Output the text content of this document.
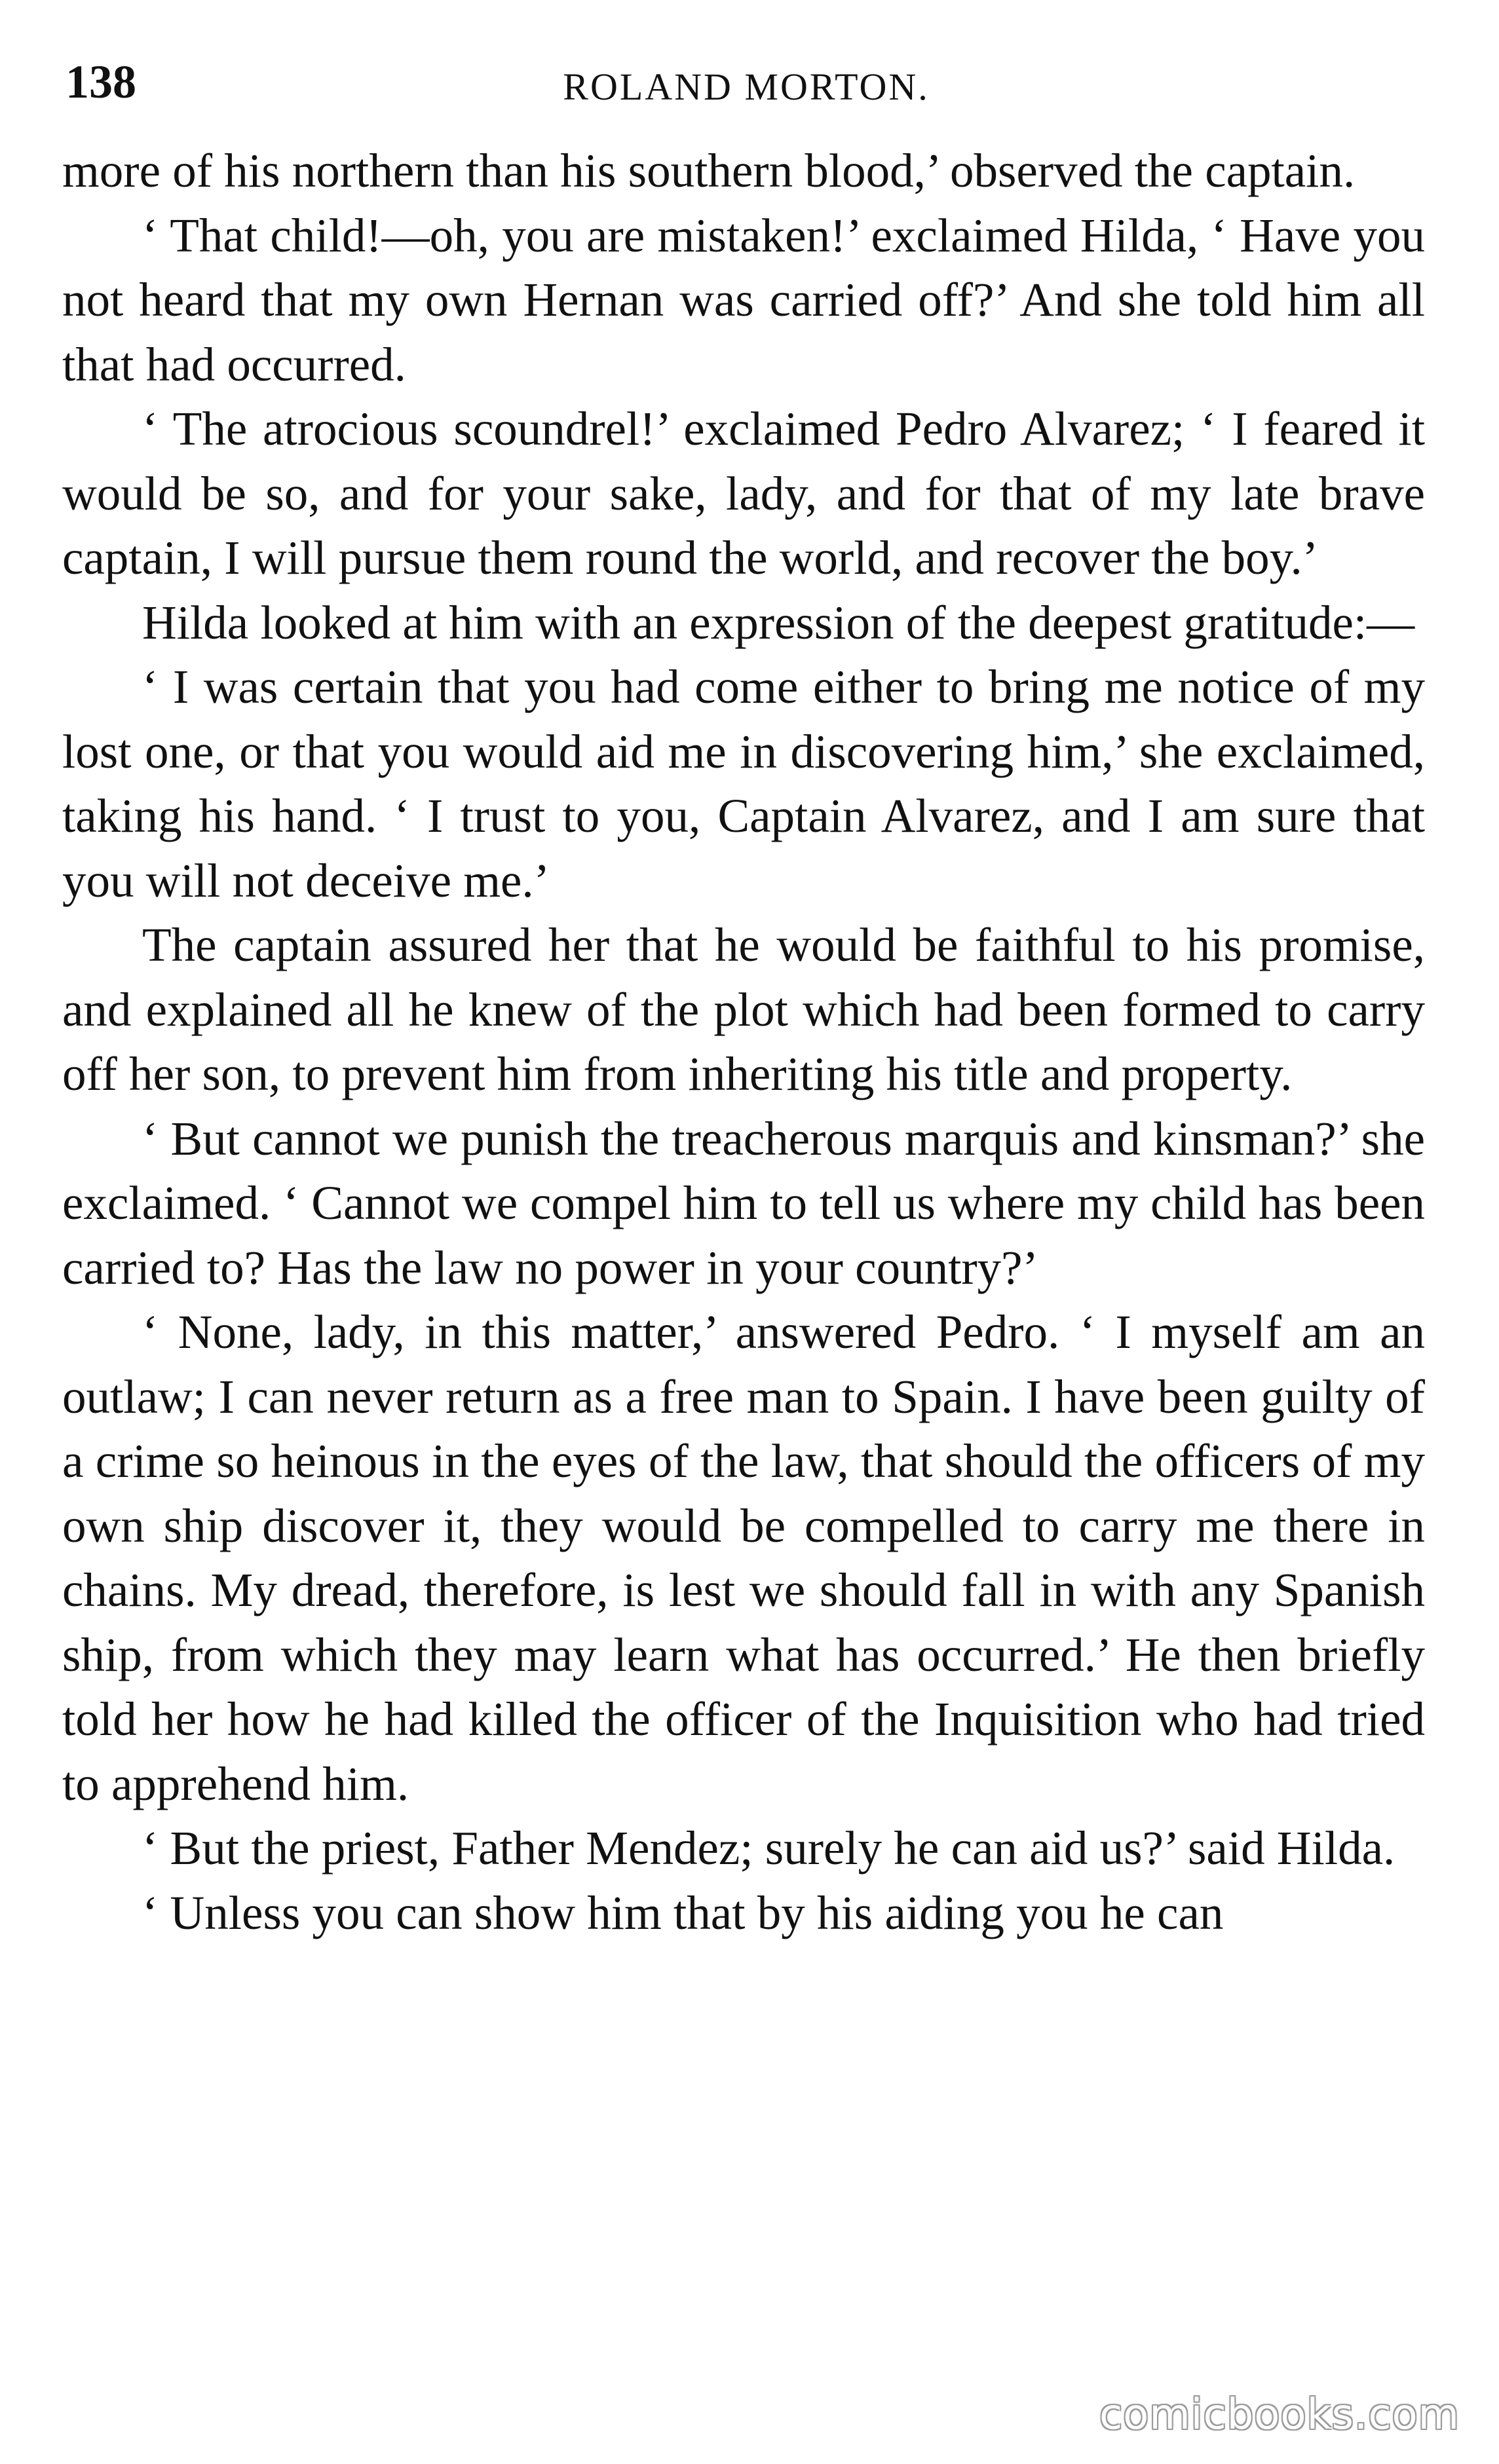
138	ROLAND MORTON.

more of his northern than his southern blood,’ observed the captain.

‘ That child!—oh, you are mistaken!’ exclaimed Hilda, ‘ Have you not heard that my own Hernan was carried off?’ And she told him all that had occurred.

‘ The atrocious scoundrel!’ exclaimed Pedro Alvarez; ‘ I feared it would be so, and for your sake, lady, and for that of my late brave captain, I will pursue them round the world, and recover the boy.’

Hilda looked at him with an expression of the deepest gratitude:—

‘ I was certain that you had come either to bring me notice of my lost one, or that you would aid me in discovering him,’ she exclaimed, taking his hand. ‘ I trust to you, Captain Alvarez, and I am sure that you will not deceive me.’

The captain assured her that he would be faithful to his promise, and explained all he knew of the plot which had been formed to carry off her son, to prevent him from inheriting his title and property.

‘ But cannot we punish the treacherous marquis and kinsman?’ she exclaimed. ‘ Cannot we compel him to tell us where my child has been carried to? Has the law no power in your country?’

‘ None, lady, in this matter,’ answered Pedro. ‘ I myself am an outlaw; I can never return as a free man to Spain. I have been guilty of a crime so heinous in the eyes of the law, that should the officers of my own ship discover it, they would be compelled to carry me there in chains. My dread, therefore, is lest we should fall in with any Spanish ship, from which they may learn what has occurred.’ He then briefly told her how he had killed the officer of the Inquisition who had tried to apprehend him.

‘ But the priest, Father Mendez; surely he can aid us?’ said Hilda.

‘ Unless you can show him that by his aiding you he can

comicbooks.com
